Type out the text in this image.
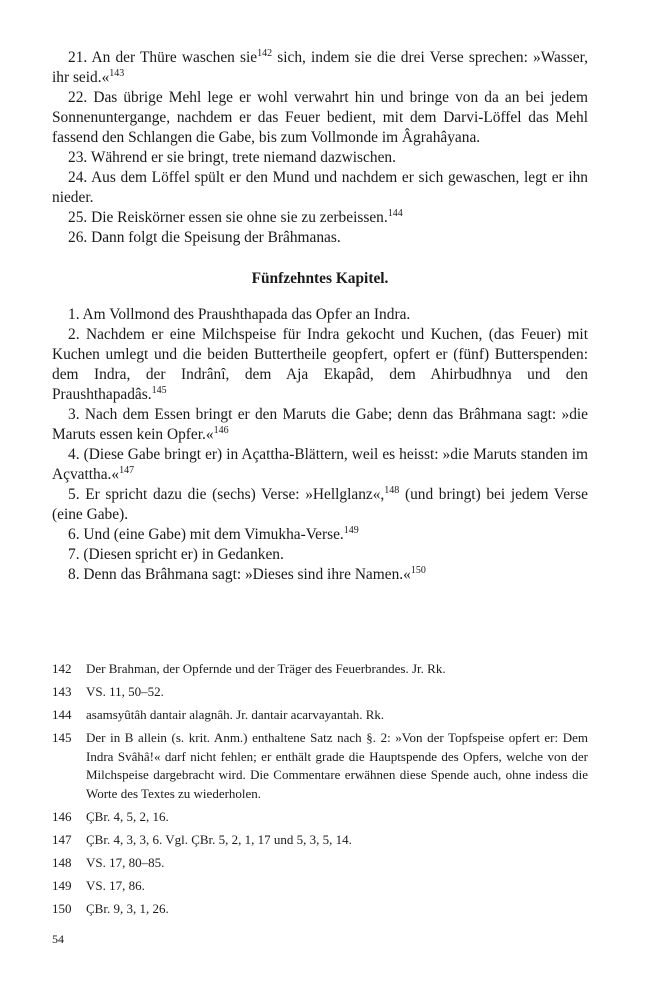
21. An der Thüre waschen sie$^{142}$ sich, indem sie die drei Verse sprechen: »Wasser, ihr seid.«$^{143}$

22. Das übrige Mehl lege er wohl verwahrt hin und bringe von da an bei jedem Sonnenuntergange, nachdem er das Feuer bedient, mit dem Darvi-Löffel das Mehl fassend den Schlangen die Gabe, bis zum Vollmonde im Âgrahâyana.

23. Während er sie bringt, trete niemand dazwischen.

24. Aus dem Löffel spült er den Mund und nachdem er sich gewaschen, legt er ihn nieder.

25. Die Reiskörner essen sie ohne sie zu zerbeissen.$^{144}$

26. Dann folgt die Speisung der Brâhmanas.

Fünfzehntes Kapitel.

1. Am Vollmond des Praushthapada das Opfer an Indra.

2. Nachdem er eine Milchspeise für Indra gekocht und Kuchen, (das Feuer) mit Kuchen umlegt und die beiden Buttertheile geopfert, opfert er (fünf) Butterspenden: dem Indra, der Indrânî, dem Aja Ekapâd, dem Ahirbudhnya und den Praushthapadâs.$^{145}$

3. Nach dem Essen bringt er den Maruts die Gabe; denn das Brâhmana sagt: »die Maruts essen kein Opfer.«$^{146}$

4. (Diese Gabe bringt er) in Açattha-Blättern, weil es heisst: »die Maruts standen im Açvattha.«$^{147}$

5. Er spricht dazu die (sechs) Verse: »Hellglanz«,$^{148}$ (und bringt) bei jedem Verse (eine Gabe).

6. Und (eine Gabe) mit dem Vimukha-Verse.$^{149}$

7. (Diesen spricht er) in Gedanken.

8. Denn das Brâhmana sagt: »Dieses sind ihre Namen.«$^{150}$

142	Der Brahman, der Opfernde und der Träger des Feuerbrandes. Jr. Rk.
143	VS. 11, 50–52.
144	asamsyûtâh dantair alagnâh. Jr. dantair acarvayantah. Rk.
145	Der in B allein (s. krit. Anm.) enthaltene Satz nach §. 2: »Von der Topfspeise opfert er: Dem Indra Svâhâ!« darf nicht fehlen; er enthält grade die Hauptspende des Opfers, welche von der Milchspeise dargebracht wird. Die Commentare erwähnen diese Spende auch, ohne indess die Worte des Textes zu wiederholen.
146	ÇBr. 4, 5, 2, 16.
147	ÇBr. 4, 3, 3, 6. Vgl. ÇBr. 5, 2, 1, 17 und 5, 3, 5, 14.
148	VS. 17, 80–85.
149	VS. 17, 86.
150	ÇBr. 9, 3, 1, 26.
54
